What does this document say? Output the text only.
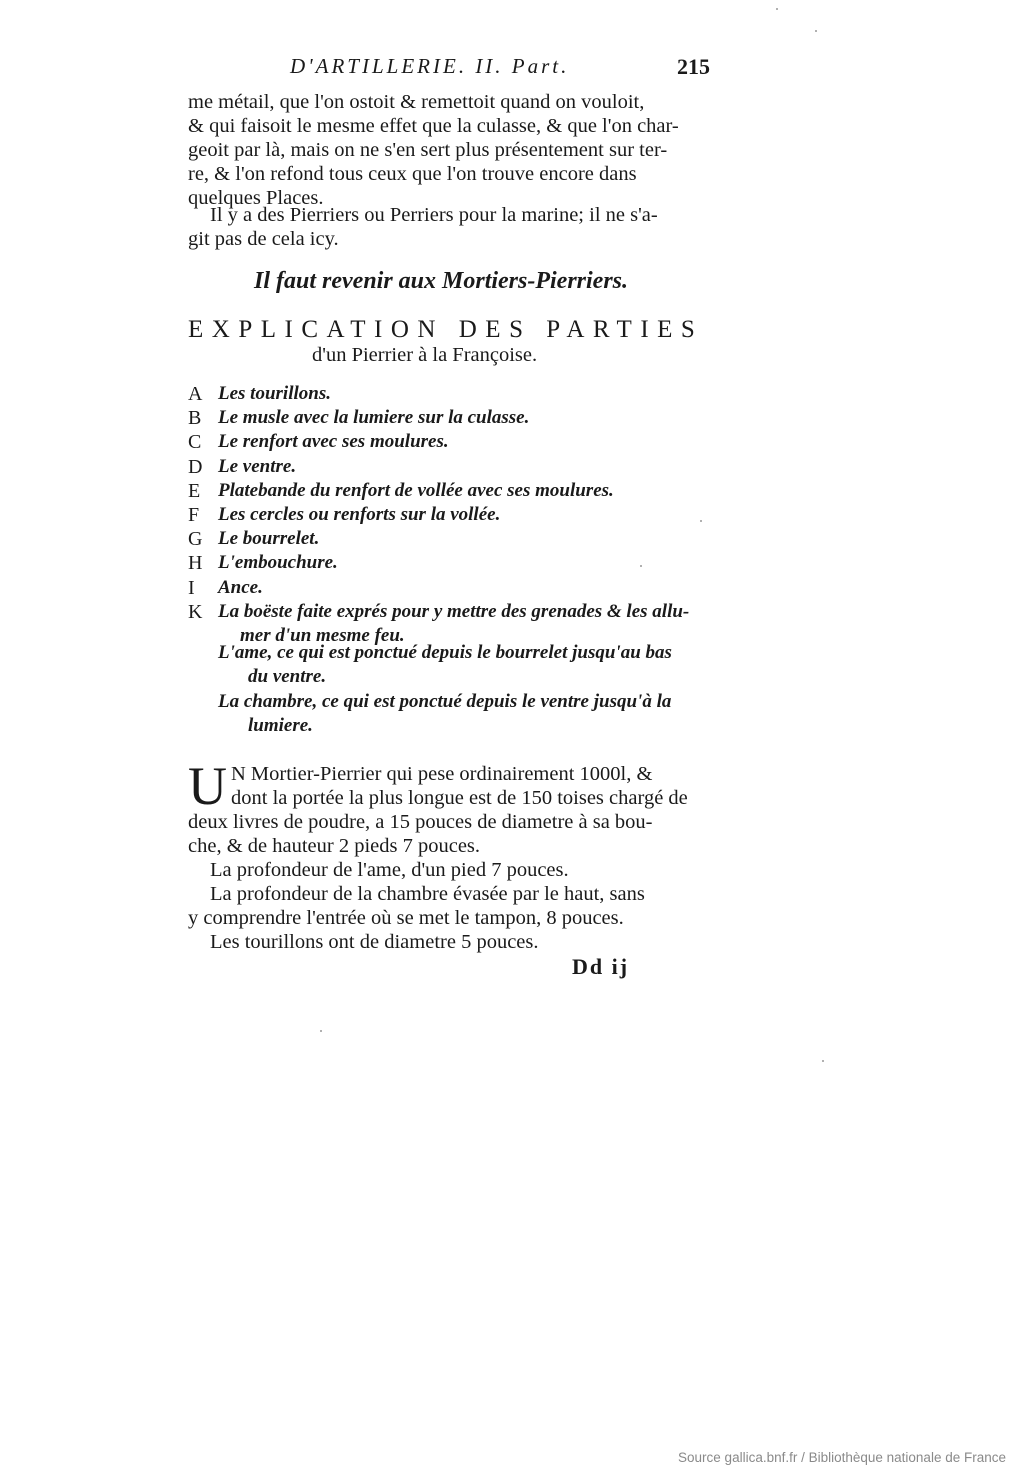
D'ARTILLERIE. II. Part.	215
me métail, que l'on ostoit & remettoit quand on vouloit,
& qui faisoit le mesme effet que la culasse, & que l'on char-
geoit par là, mais on ne s'en sert plus présentement sur ter-
re, & l'on refond tous ceux que l'on trouve encore dans
quelques Places.
Il y a des Pierriers ou Perriers pour la marine; il ne s'a-
git pas de cela icy.
Il faut revenir aux Mortiers-Pierriers.
EXPLICATION DES PARTIES
d'un Pierrier à la Françoise.
A Les tourillons.
B Le musle avec la lumiere sur la culasse.
C Le renfort avec ses moulures.
D Le ventre.
E Platebande du renfort de vollée avec ses moulures.
F Les cercles ou renforts sur la vollée.
G Le bourrelet.
H L'embouchure.
I	Ance.
K La boëste faite exprés pour y mettre des grenades & les allu-
mer d'un mesme feu.
L'ame, ce qui est ponctué depuis le bourrelet jusqu'au bas
du ventre.
La chambre, ce qui est ponctué depuis le ventre jusqu'à la
lumiere.
U N Mortier-Pierrier qui pese ordinairement 1000l, &
dont la portée la plus longue est de 150 toises chargé de
deux livres de poudre, a 15 pouces de diametre à sa bou-
che, & de hauteur 2 pieds 7 pouces.
La profondeur de l'ame, d'un pied 7 pouces.
La profondeur de la chambre évasée par le haut, sans
y comprendre l'entrée où se met le tampon, 8 pouces.
Les tourillons ont de diametre 5 pouces.
Dd ij
Source gallica.bnf.fr / Bibliothèque nationale de France
